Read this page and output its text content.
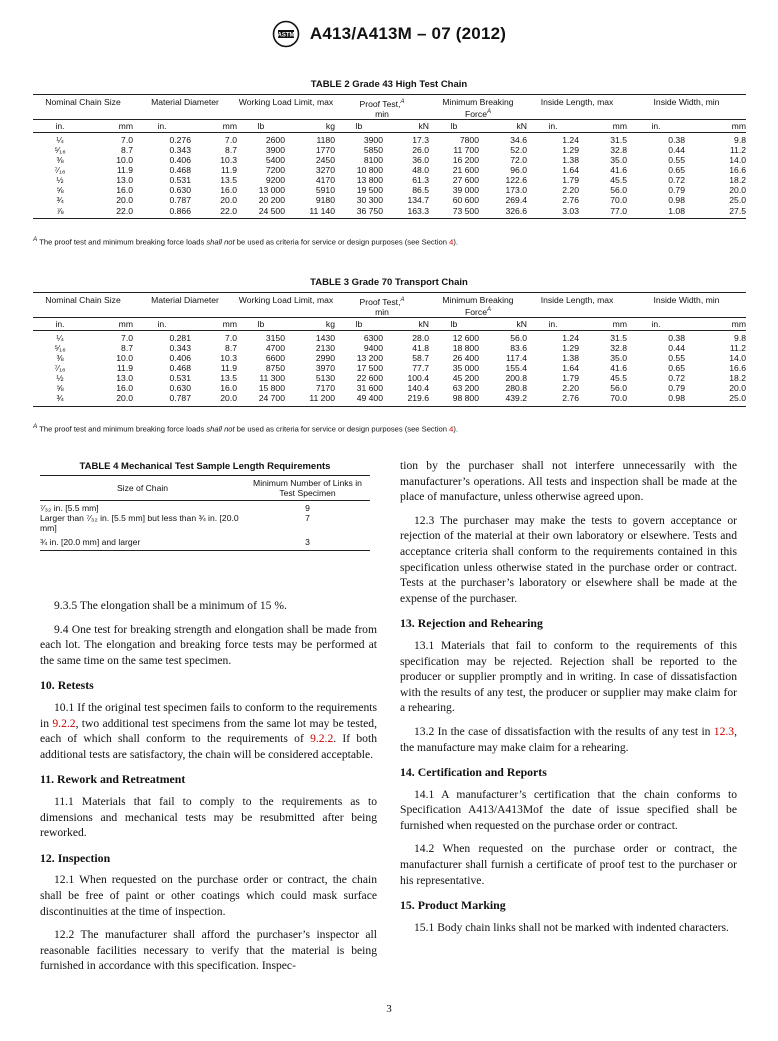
ASTM A413/A413M – 07 (2012)
TABLE 2 Grade 43 High Test Chain
Nominal Chain Size		Material Diameter		Working Load Limit, max		Proof Test,$^A$
min		Minimum Breaking Force$^A$		Inside Length, max		Inside Width, min	
in.	mm	in.	mm	lb	kg	lb	kN	lb	kN	in.	mm	in.	mm
¼	7.0	0.276	7.0	2600	1180	3900	17.3	7800	34.6	1.24	31.5	0.38	9.8
⁵⁄₁₆	8.7	0.343	8.7	3900	1770	5850	26.0	11 700	52.0	1.29	32.8	0.44	11.2
⅜	10.0	0.406	10.3	5400	2450	8100	36.0	16 200	72.0	1.38	35.0	0.55	14.0
⁷⁄₁₆	11.9	0.468	11.9	7200	3270	10 800	48.0	21 600	96.0	1.64	41.6	0.65	16.6
½	13.0	0.531	13.5	9200	4170	13 800	61.3	27 600	122.6	1.79	45.5	0.72	18.2
⅝	16.0	0.630	16.0	13 000	5910	19 500	86.5	39 000	173.0	2.20	56.0	0.79	20.0
¾	20.0	0.787	20.0	20 200	9180	30 300	134.7	60 600	269.4	2.76	70.0	0.98	25.0
⅞	22.0	0.866	22.0	24 500	11 140	36 750	163.3	73 500	326.6	3.03	77.0	1.08	27.5
$^A$ The proof test and minimum breaking force loads shall not be used as criteria for service or design purposes (see Section 4).
TABLE 3 Grade 70 Transport Chain
Nominal Chain Size		Material Diameter		Working Load Limit, max		Proof Test,$^A$
min		Minimum Breaking Force$^A$		Inside Length, max		Inside Width, min	
in.	mm	in.	mm	lb	kg	lb	kN	lb	kN	in.	mm	in.	mm
¼	7.0	0.281	7.0	3150	1430	6300	28.0	12 600	56.0	1.24	31.5	0.38	9.8
⁵⁄₁₆	8.7	0.343	8.7	4700	2130	9400	41.8	18 800	83.6	1.29	32.8	0.44	11.2
⅜	10.0	0.406	10.3	6600	2990	13 200	58.7	26 400	117.4	1.38	35.0	0.55	14.0
⁷⁄₁₆	11.9	0.468	11.9	8750	3970	17 500	77.7	35 000	155.4	1.64	41.6	0.65	16.6
½	13.0	0.531	13.5	11 300	5130	22 600	100.4	45 200	200.8	1.79	45.5	0.72	18.2
⅝	16.0	0.630	16.0	15 800	7170	31 600	140.4	63 200	280.8	2.20	56.0	0.79	20.0
¾	20.0	0.787	20.0	24 700	11 200	49 400	219.6	98 800	439.2	2.76	70.0	0.98	25.0
$^A$ The proof test and minimum breaking force loads shall not be used as criteria for service or design purposes (see Section 4).
TABLE 4 Mechanical Test Sample Length Requirements
Size of Chain	Minimum Number of Links in Test Specimen
⁷⁄₃₂ in. [5.5 mm]	9
Larger than ⁷⁄₃₂ in. [5.5 mm] but less than ¾ in. [20.0 mm]	7
¾ in. [20.0 mm] and larger	3

9.3.5 The elongation shall be a minimum of 15 %.

9.4 One test for breaking strength and elongation shall be made from each lot. The elongation and breaking force tests may be performed at the same time on the same test specimen.

10. Retests

10.1 If the original test specimen fails to conform to the requirements in 9.2.2, two additional test specimens from the same lot may be tested, each of which shall conform to the requirements of 9.2.2. If both additional tests are satisfactory, the chain will be considered acceptable.

11. Rework and Retreatment

11.1 Materials that fail to comply to the requirements as to dimensions and mechanical tests may be resubmitted after being reworked.

12. Inspection

12.1 When requested on the purchase order or contract, the chain shall be free of paint or other coatings which could mask surface discontinuities at the time of inspection.

12.2 The manufacturer shall afford the purchaser’s inspector all reasonable facilities necessary to verify that the material is being furnished in accordance with this specification. Inspec-

tion by the purchaser shall not interfere unnecessarily with the manufacturer’s operations. All tests and inspection shall be made at the place of manufacture, unless otherwise agreed upon.

12.3 The purchaser may make the tests to govern acceptance or rejection of the material at their own laboratory or elsewhere. Tests and acceptance criteria shall conform to the requirements contained in this specification unless otherwise stated in the purchase order or contract. Tests at the purchaser’s laboratory or elsewhere shall be made at the expense of the purchaser.

13. Rejection and Rehearing

13.1 Materials that fail to conform to the requirements of this specification may be rejected. Rejection shall be reported to the producer or supplier promptly and in writing. In case of dissatisfaction with the results of any test, the producer or supplier may make claim for a rehearing.

13.2 In the case of dissatisfaction with the results of any test in 12.3, the manufacture may make claim for a rehearing.

14. Certification and Reports

14.1 A manufacturer’s certification that the chain conforms to Specification A413/A413Mof the date of issue specified shall be furnished when requested on the purchase order or contract.

14.2 When requested on the purchase order or contract, the manufacturer shall furnish a certificate of proof test to the purchaser or his representative.

15. Product Marking

15.1 Body chain links shall not be marked with indented characters.

3
